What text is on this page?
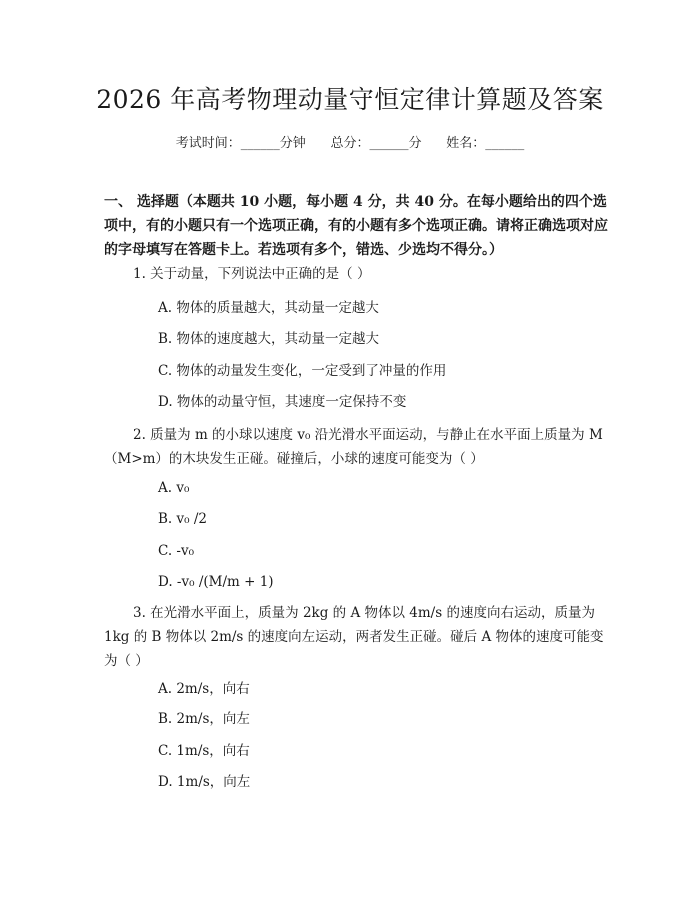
2026 年高考物理动量守恒定律计算题及答案
考试时间：______分钟      总分：______分      姓名：______
一、 选择题（本题共 10 小题，每小题 4 分，共 40 分。在每小题给出的四个选项中，有的小题只有一个选项正确，有的小题有多个选项正确。请将正确选项对应的字母填写在答题卡上。若选项有多个，错选、少选均不得分。）
1. 关于动量，下列说法中正确的是（ ）
A. 物体的质量越大，其动量一定越大
B. 物体的速度越大，其动量一定越大
C. 物体的动量发生变化，一定受到了冲量的作用
D. 物体的动量守恒，其速度一定保持不变
2. 质量为 m 的小球以速度 v₀ 沿光滑水平面运动，与静止在水平面上质量为 M（M>m）的木块发生正碰。碰撞后，小球的速度可能变为（ ）
A. v₀
B. v₀ /2
C. -v₀
D. -v₀ /(M/m + 1)
3. 在光滑水平面上，质量为 2kg 的 A 物体以 4m/s 的速度向右运动，质量为 1kg 的 B 物体以 2m/s 的速度向左运动，两者发生正碰。碰后 A 物体的速度可能变为（ ）
A. 2m/s，向右
B. 2m/s，向左
C. 1m/s，向右
D. 1m/s，向左
